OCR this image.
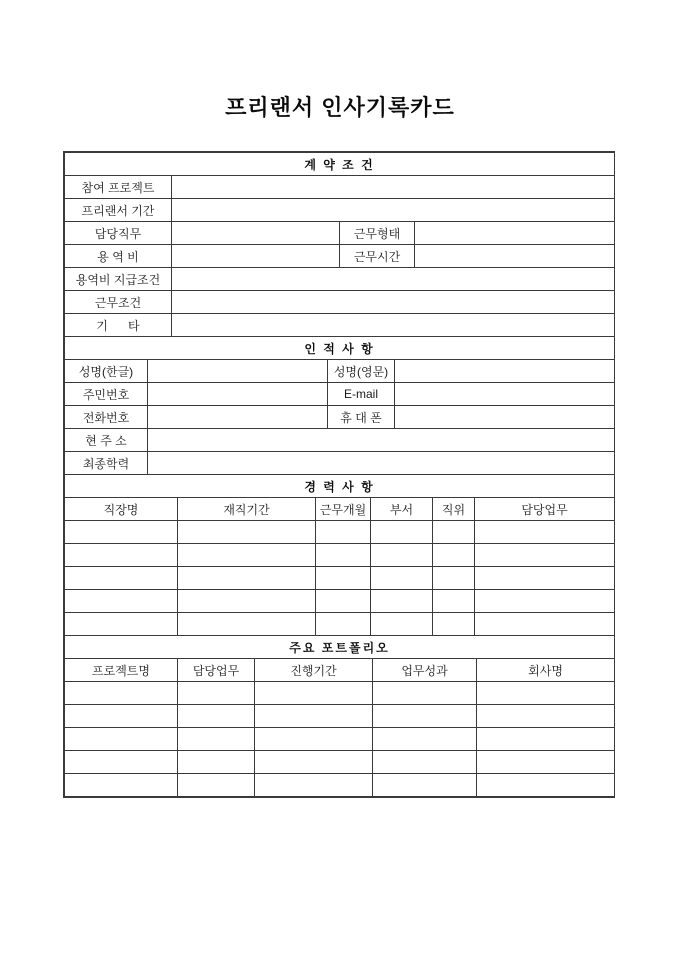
프리랜서 인사기록카드
계 약 조 건			
참여 프로젝트			
프리랜서 기간			
담당직무		근무형태	
용 역 비		근무시간	
용역비 지급조건			
근무조건			
기      타			
인 적 사 항			
성명(한글)		성명(영문)	
주민번호		E-mail	
전화번호		휴 대 폰	
현 주 소			
최종학력			
경 력 사 항					
직장명	재직기간	근무개월	부서	직위	담당업무

주요 포트폴리오				
프로젝트명	담당업무	진행기간	업무성과	회사명
